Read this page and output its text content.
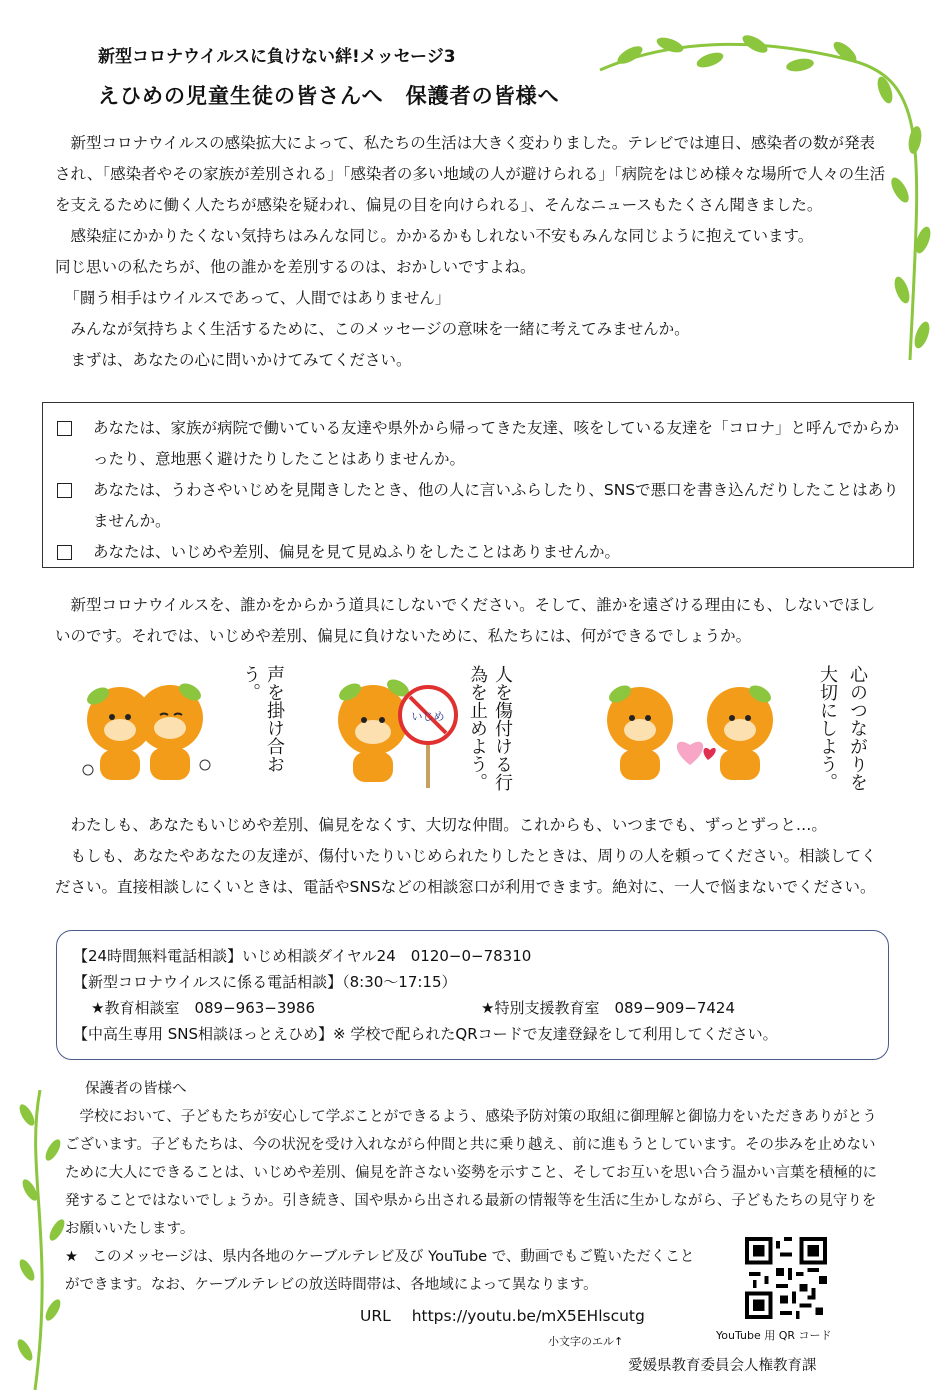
新型コロナウイルスに負けない絆!メッセージ3
えひめの児童生徒の皆さんへ　保護者の皆様へ

新型コロナウイルスの感染拡大によって、私たちの生活は大きく変わりました。テレビでは連日、感染者の数が発表され、「感染者やその家族が差別される」「感染者の多い地域の人が避けられる」「病院をはじめ様々な場所で人々の生活を支えるために働く人たちが感染を疑われ、偏見の目を向けられる」、そんなニュースもたくさん聞きました。

感染症にかかりたくない気持ちはみんな同じ。かかるかもしれない不安もみんな同じように抱えています。

同じ思いの私たちが、他の誰かを差別するのは、おかしいですよね。

「闘う相手はウイルスであって、人間ではありません」

みんなが気持ちよく生活するために、このメッセージの意味を一緒に考えてみませんか。

まずは、あなたの心に問いかけてみてください。

あなたは、家族が病院で働いている友達や県外から帰ってきた友達、咳をしている友達を「コロナ」と呼んでからかったり、意地悪く避けたりしたことはありませんか。
あなたは、うわさやいじめを見聞きしたとき、他の人に言いふらしたり、SNSで悪口を書き込んだりしたことはありませんか。
あなたは、いじめや差別、偏見を見て見ぬふりをしたことはありませんか。

新型コロナウイルスを、誰かをからかう道具にしないでください。そして、誰かを遠ざける理由にも、しないでほしいのです。それでは、いじめや差別、偏見に負けないために、私たちには、何ができるでしょうか。

声を掛け合おう。
いじめ	人を傷付ける行
為を止めよう。	心のつながりを
大切にしよう。

わたしも、あなたもいじめや差別、偏見をなくす、大切な仲間。これからも、いつまでも、ずっとずっと…。

もしも、あなたやあなたの友達が、傷付いたりいじめられたりしたときは、周りの人を頼ってください。相談してください。直接相談しにくいときは、電話やSNSなどの相談窓口が利用できます。絶対に、一人で悩まないでください。

【24時間無料電話相談】いじめ相談ダイヤル24　0120−0−78310
【新型コロナウイルスに係る電話相談】（8:30〜17:15）
★教育相談室　089−963−3986	★特別支援教育室　089−909−7424
【中高生専用 SNS相談ほっとえひめ】※ 学校で配られたQRコードで友達登録をして利用してください。
保護者の皆様へ

学校において、子どもたちが安心して学ぶことができるよう、感染予防対策の取組に御理解と御協力をいただきありがとうございます。子どもたちは、今の状況を受け入れながら仲間と共に乗り越え、前に進もうとしています。その歩みを止めないために大人にできることは、いじめや差別、偏見を許さない姿勢を示すこと、そしてお互いを思い合う温かい言葉を積極的に発することではないでしょうか。引き続き、国や県から出される最新の情報等を生活に生かしながら、子どもたちの見守りをお願いいたします。

★　このメッセージは、県内各地のケーブルテレビ及び YouTube で、動画でもご覧いただくことができます。なお、ケーブルテレビの放送時間帯は、各地域によって異なります。
URL https://youtu.be/mX5EHlscutg
小文字のエル↑	YouTube 用 QR コード
愛媛県教育委員会人権教育課
